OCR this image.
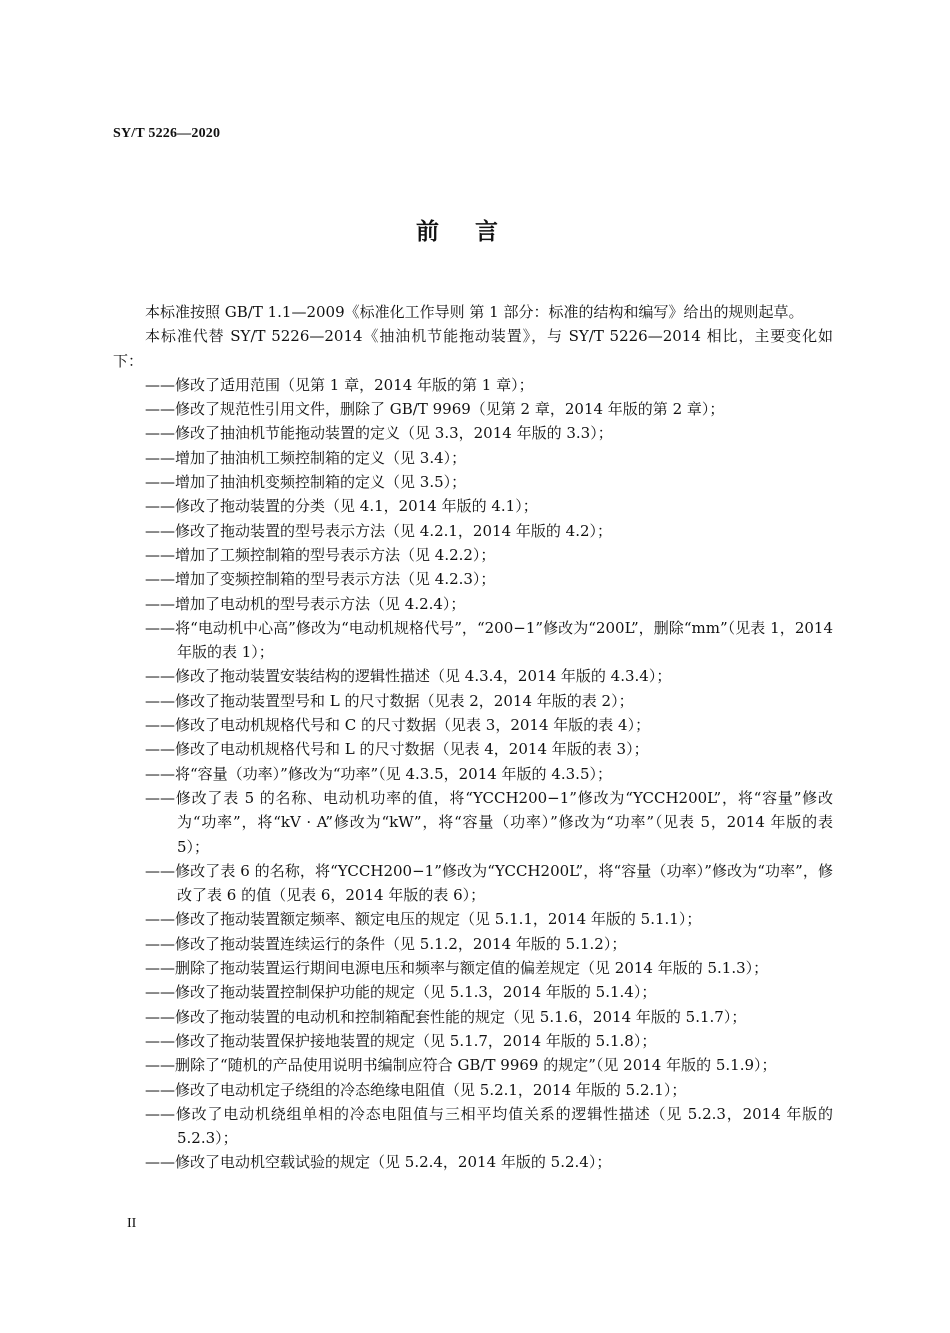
SY/T 5226—2020
前言

本标准按照 GB/T 1.1—2009《标准化工作导则 第 1 部分：标准的结构和编写》给出的规则起草。

本标准代替 SY/T 5226—2014《抽油机节能拖动装置》，与 SY/T 5226—2014 相比，主要变化如下：

——修改了适用范围（见第 1 章，2014 年版的第 1 章）；

——修改了规范性引用文件，删除了 GB/T 9969（见第 2 章，2014 年版的第 2 章）；

——修改了抽油机节能拖动装置的定义（见 3.3，2014 年版的 3.3）；

——增加了抽油机工频控制箱的定义（见 3.4）；

——增加了抽油机变频控制箱的定义（见 3.5）；

——修改了拖动装置的分类（见 4.1，2014 年版的 4.1）；

——修改了拖动装置的型号表示方法（见 4.2.1，2014 年版的 4.2）；

——增加了工频控制箱的型号表示方法（见 4.2.2）；

——增加了变频控制箱的型号表示方法（见 4.2.3）；

——增加了电动机的型号表示方法（见 4.2.4）；

——将“电动机中心高”修改为“电动机规格代号”，“200−1”修改为“200L”，删除“mm”（见表 1，2014 年版的表 1）；

——修改了拖动装置安装结构的逻辑性描述（见 4.3.4，2014 年版的 4.3.4）；

——修改了拖动装置型号和 L 的尺寸数据（见表 2，2014 年版的表 2）；

——修改了电动机规格代号和 C 的尺寸数据（见表 3，2014 年版的表 4）；

——修改了电动机规格代号和 L 的尺寸数据（见表 4，2014 年版的表 3）；

——将“容量（功率）”修改为“功率”（见 4.3.5，2014 年版的 4.3.5）；

——修改了表 5 的名称、电动机功率的值，将“YCCH200−1”修改为“YCCH200L”，将“容量”修改为“功率”，将“kV · A”修改为“kW”，将“容量（功率）”修改为“功率”（见表 5，2014 年版的表 5）；

——修改了表 6 的名称，将“YCCH200−1”修改为“YCCH200L”，将“容量（功率）”修改为“功率”，修改了表 6 的值（见表 6，2014 年版的表 6）；

——修改了拖动装置额定频率、额定电压的规定（见 5.1.1，2014 年版的 5.1.1）；

——修改了拖动装置连续运行的条件（见 5.1.2，2014 年版的 5.1.2）；

——删除了拖动装置运行期间电源电压和频率与额定值的偏差规定（见 2014 年版的 5.1.3）；

——修改了拖动装置控制保护功能的规定（见 5.1.3，2014 年版的 5.1.4）；

——修改了拖动装置的电动机和控制箱配套性能的规定（见 5.1.6，2014 年版的 5.1.7）；

——修改了拖动装置保护接地装置的规定（见 5.1.7，2014 年版的 5.1.8）；

——删除了“随机的产品使用说明书编制应符合 GB/T 9969 的规定”（见 2014 年版的 5.1.9）；

——修改了电动机定子绕组的冷态绝缘电阻值（见 5.2.1，2014 年版的 5.2.1）；

——修改了电动机绕组单相的冷态电阻值与三相平均值关系的逻辑性描述（见 5.2.3，2014 年版的 5.2.3）；

——修改了电动机空载试验的规定（见 5.2.4，2014 年版的 5.2.4）；

II
